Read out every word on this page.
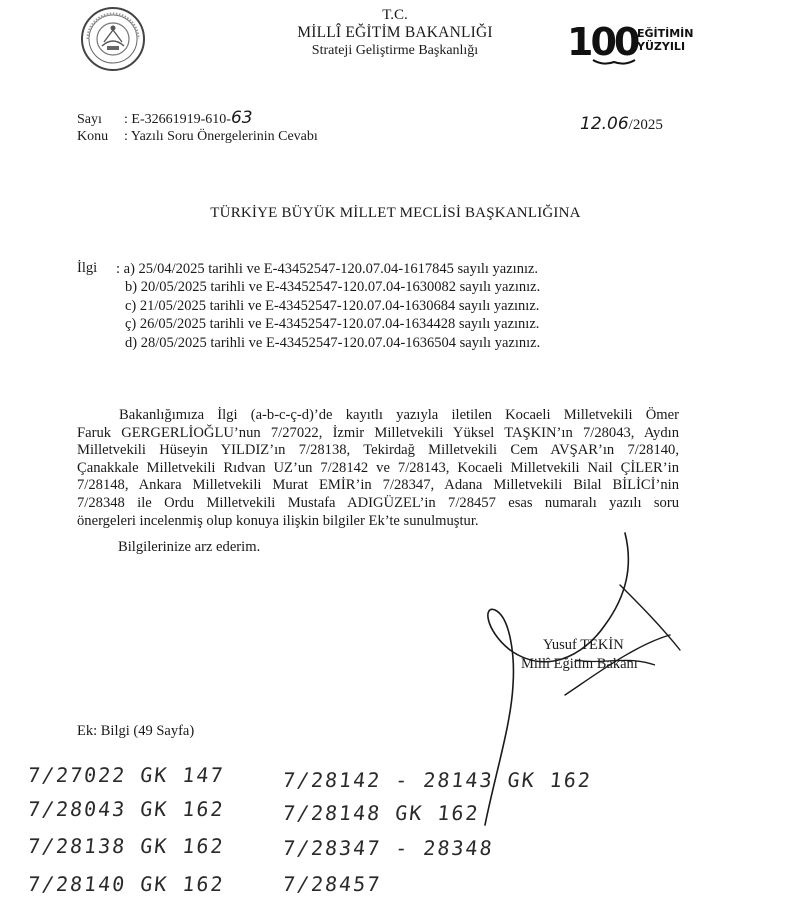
T.C.
MİLLÎ EĞİTİM BAKANLIĞI
Strateji Geliştirme Başkanlığı	100 EĞİTİMİN
YÜZYILI
Sayı : E-32661919-610-63
Konu : Yazılı Soru Önergelerinin Cevabı
12.06/2025
TÜRKİYE BÜYÜK MİLLET MECLİSİ BAŞKANLIĞINA
İlgi : a) 25/04/2025 tarihli ve E-43452547-120.07.04-1617845 sayılı yazınız.
b) 20/05/2025 tarihli ve E-43452547-120.07.04-1630082 sayılı yazınız.
c) 21/05/2025 tarihli ve E-43452547-120.07.04-1630684 sayılı yazınız.
ç) 26/05/2025 tarihli ve E-43452547-120.07.04-1634428 sayılı yazınız.
d) 28/05/2025 tarihli ve E-43452547-120.07.04-1636504 sayılı yazınız.
Bakanlığımıza İlgi (a-b-c-ç-d)’de kayıtlı yazıyla iletilen Kocaeli Milletvekili Ömer
Faruk GERGERLİOĞLU’nun 7/27022, İzmir Milletvekili Yüksel TAŞKIN’ın 7/28043, Aydın
Milletvekili Hüseyin YILDIZ’ın 7/28138, Tekirdağ Milletvekili Cem AVŞAR’ın 7/28140,
Çanakkale Milletvekili Rıdvan UZ’un 7/28142 ve 7/28143, Kocaeli Milletvekili Nail ÇİLER’in
7/28148, Ankara Milletvekili Murat EMİR’in 7/28347, Adana Milletvekili Bilal BİLİCİ’nin
7/28348 ile Ordu Milletvekili Mustafa ADIGÜZEL’in 7/28457 esas numaralı yazılı soru
önergeleri incelenmiş olup konuya ilişkin bilgiler Ek’te sunulmuştur.
Bilgilerinize arz ederim.
Yusuf TEKİN
Millî Eğitim Bakanı
Ek: Bilgi (49 Sayfa)
7/27022 GK 147
7/28043 GK 162
7/28138 GK 162
7/28140 GK 162
7/28142 - 28143 GK 162
7/28148 GK 162
7/28347 - 28348
7/28457
